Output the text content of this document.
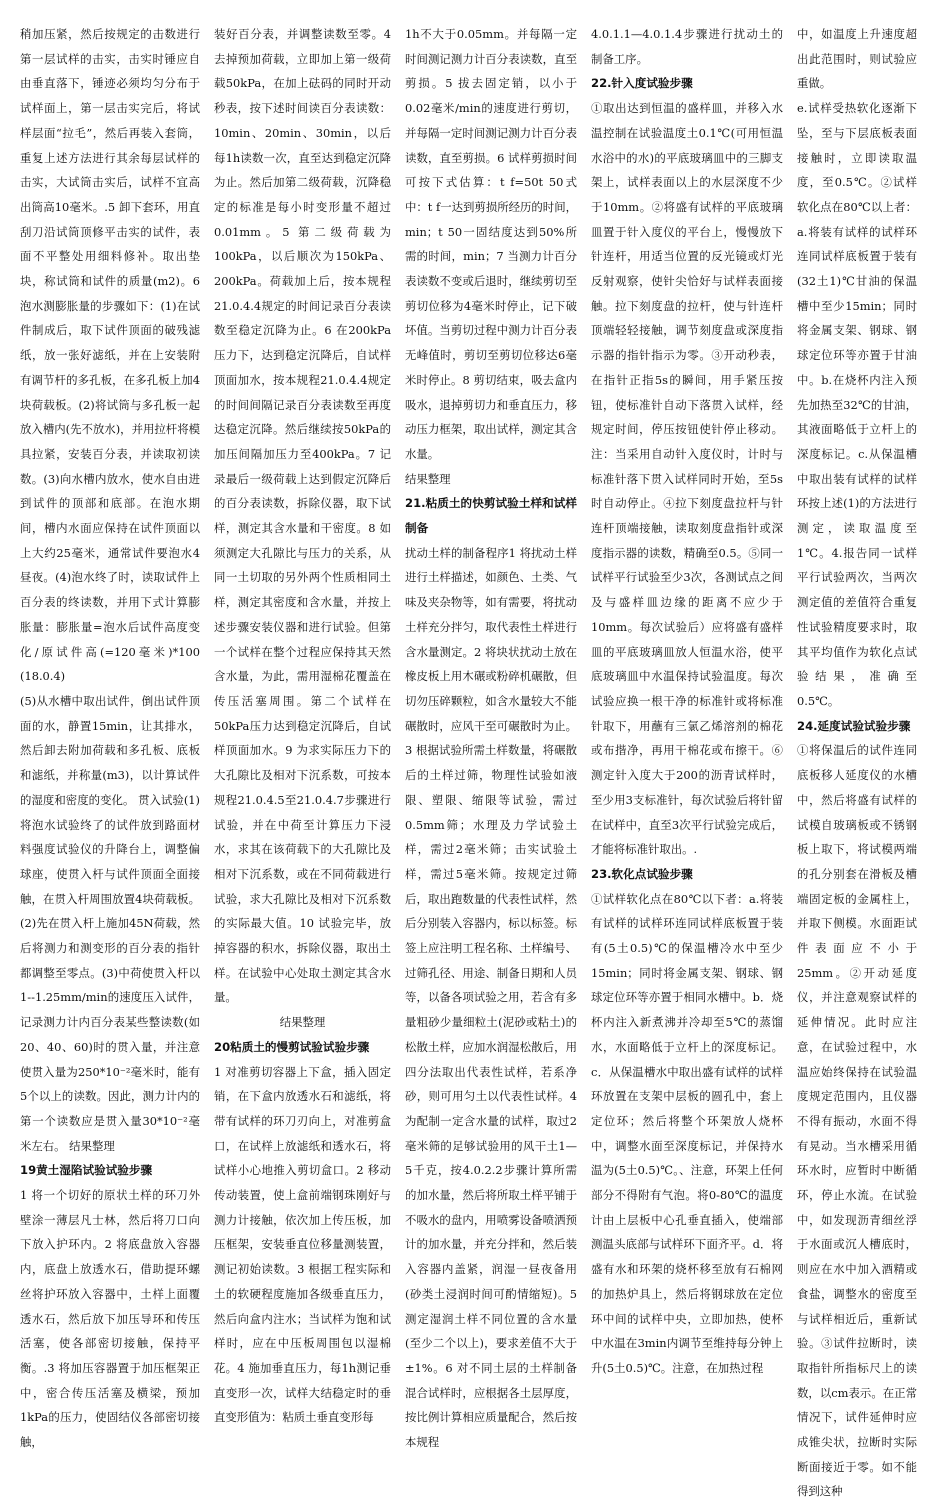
稍加压紧，然后按规定的击数进行第一层试样的击实，击实时锤应自由垂直落下，锤迹必须均匀分布于试样面上，第一层击实完后，将试样层面“拉毛”，然后再装入套筒，重复上述方法进行其余每层试样的击实，大试筒击实后，试样不宜高出筒高10毫米。.5 卸下套环，用直刮刀沿试筒顶修平击实的试件，表面不平整处用细料修补。取出垫块，称试筒和试件的质量(m2)。6 泡水测膨胀量的步骤如下：(1)在试件制成后，取下试件顶面的破残滤纸，放一张好滤纸，并在上安装附有调节杆的多孔板，在多孔板上加4块荷载板。(2)将试筒与多孔板一起放入槽内(先不放水)，并用拉杆将模具拉紧，安装百分表，并读取初读数。(3)向水槽内放水，使水自由进到试件的顶部和底部。在泡水期间，槽内水面应保持在试件顶面以上大约25毫米，通常试件要泡水4昼夜。(4)泡水终了时，读取试件上百分表的终读数，并用下式计算膨胀量：膨胀量=泡水后试件高度变化/原试件高(=120毫米)*100 (18.0.4)

(5)从水槽中取出试件，倒出试件顶面的水，静置15min，让其排水，然后卸去附加荷载和多孔板、底板和滤纸，并称量(m3)，以计算试件的湿度和密度的变化。 贯入试验(1)将泡水试验终了的试件放到路面材料强度试验仪的升降台上，调整偏球座，使贯入杆与试件顶面全面接触，在贯入杆周围放置4块荷载板。(2)先在贯入杆上施加45N荷载，然后将测力和测变形的百分表的指针都调整至零点。(3)中荷使贯入杆以1--1.25mm/min的速度压入试件，记录测力计内百分表某些整读数(如20、40、60)时的贯入量，并注意使贯入量为250*10⁻²毫米时，能有5个以上的读数。因此，测力计内的第一个读数应是贯入量30*10⁻²毫米左右。 结果整理

19黄土湿陷试验试验步骤

1 将一个切好的原状土样的环刀外壁涂一薄层凡士林，然后将刀口向下放入护环内。2 将底盘放入容器内，底盘上放透水石，借助提环螺丝将护环放入容器中，土样上面覆透水石，然后放下加压导环和传压活塞，使各部密切接触，保持平衡。.3 将加压容器置于加压框架正中，密合传压活塞及横梁，预加1kPa的压力，使固结仪各部密切接触，

装好百分表，并调整读数至零。4 去掉预加荷载，立即加上第一级荷载50kPa，在加上砝码的同时开动秒表，按下述时间读百分表读数：10min、20min、30min，以后每1h读数一次，直至达到稳定沉降为止。然后加第二级荷载，沉降稳定的标准是每小时变形量不超过0.01mm。5 第二级荷载为100kPa，以后顺次为150kPa、200kPa。荷载加上后，按本规程21.0.4.4规定的时间记录百分表读数至稳定沉降为止。6 在200kPa压力下，达到稳定沉降后，自试样顶面加水，按本规程21.0.4.4规定的时间间隔记录百分表读数至再度达稳定沉降。然后继续按50kPa的加压间隔加压力至400kPa。7 记录最后一级荷载上达到假定沉降后的百分表读数，拆除仪器，取下试样，测定其含水量和干密度。8 如须测定大孔隙比与压力的关系，从同一土切取的另外两个性质相同土样，测定其密度和含水量，并按上述步骤安装仪器和进行试验。但第一个试样在整个过程应保持其天然含水量，为此，需用湿棉花覆盖在传压活塞周围。第二个试样在50kPa压力达到稳定沉降后，自试样顶面加水。9 为求实际压力下的大孔隙比及相对下沉系数，可按本规程21.0.4.5至21.0.4.7步骤进行试验，并在中荷至计算压力下浸水，求其在该荷载下的大孔隙比及相对下沉系数，或在不同荷载进行试验，求大孔隙比及相对下沉系数的实际最大值。10 试验完毕，放掉容器的积水，拆除仪器，取出土样。在试验中心处取土测定其含水量。

结果整理

20粘质土的慢剪试验试验步骤

1 对准剪切容器上下盒，插入固定销，在下盒内放透水石和滤纸，将带有试样的环刀刃向上，对准剪盒口，在试样上放滤纸和透水石，将试样小心地推入剪切盒口。2 移动传动装置，使上盒前端钢珠刚好与测力计接触，依次加上传压板，加压框架，安装垂直位移量测装置，测记初始读数。3 根据工程实际和土的软硬程度施加各级垂直压力，然后向盒内注水；当试样为饱和试样时，应在中压板周围包以湿棉花。4 施加垂直压力，每1h测记垂直变形一次，试样大结稳定时的垂直变形值为：粘质土垂直变形每

1h不大于0.05mm。并每隔一定时间测记测力计百分表读数，直至剪损。5 拔去固定销，以小于0.02毫米/min的速度进行剪切，并每隔一定时间测记测力计百分表读数，直至剪损。6 试样剪损时间可按下式估算：t f=50t 50式中：t f一达到剪损所经历的时间，min；t 50一固结度达到50%所需的时间，min；7 当测力计百分表读数不变或后退时，继续剪切至剪切位移为4毫米时停止，记下破坏值。当剪切过程中测力计百分表无峰值时，剪切至剪切位移达6毫米时停止。8 剪切结束，吸去盒内吸水，退掉剪切力和垂直压力，移动压力框架，取出试样，测定其含水量。

结果整理

21.粘质土的快剪试验土样和试样制备

扰动土样的制备程序1 将扰动土样进行土样描述，如颜色、土类、气味及夹杂物等，如有需要，将扰动土样充分拌匀，取代表性土样进行含水量测定。2 将块状扰动土放在橡皮板上用木碾或粉碎机碾散，但切勿压碎颗粒，如含水量较大不能碾散时，应风干至可碾散时为止。3 根据试验所需土样数量，将碾散后的土样过筛，物理性试验如液限、塑限、缩限等试验，需过0.5mm筛；水理及力学试验土样，需过2毫米筛；击实试验土样，需过5毫米筛。按规定过筛后，取出跑数量的代表性试样，然后分别装入容器内，标以标签。标签上应注明工程名称、土样编号、过筛孔径、用途、制备日期和人员等，以备各项试验之用，若含有多量粗砂少量细粒土(泥砂或粘土)的松散土样，应加水润湿松散后，用四分法取出代表性试样，若系净砂，则可用匀土以代表性试样。4 为配制一定含水量的试样，取过2毫米筛的足够试验用的风干土1—5千克，按4.0.2.2步骤计算所需的加水量，然后将所取土样平铺于不吸水的盘内，用喷雾设备喷洒预计的加水量，并充分拌和，然后装入容器内盖紧，润湿一昼夜备用(砂类土浸润时间可酌情缩短)。5 测定湿润土样不同位置的含水量(至少二个以上)，要求差值不大于±1%。6 对不同土层的土样制备混合试样时，应根据各土层厚度，按比例计算相应质量配合，然后按本规程

4.0.1.1—4.0.1.4步骤进行扰动土的制备工序。

22.针入度试验步骤

①取出达到恒温的盛样皿，并移入水温控制在试验温度土0.1℃(可用恒温水浴中的水)的平底玻璃皿中的三脚支架上，试样表面以上的水层深度不少于10mm。②将盛有试样的平底玻璃皿置于针入度仪的平台上，慢慢放下针连杆，用适当位置的反光镜或灯光反射观察，使针尖恰好与试样表面接触。拉下刻度盘的拉杆，使与针连杆顶端轻轻接触，调节刻度盘或深度指示器的指针指示为零。③开动秒表，在指针正指5s的瞬间，用手紧压按钮，使标准针自动下落贯入试样，经规定时间，停压按钮使针停止移动。注：当采用自动针入度仪时，计时与标准针落下贯入试样同时开始，至5s时自动停止。④拉下刻度盘拉杆与针连杆顶端接触，读取刻度盘指针或深度指示器的读数，精确至0.5。⑤同一试样平行试验至少3次，各测试点之间及与盛样皿边缘的距离不应少于10mm。每次试验后）应将盛有盛样皿的平底玻璃皿放人恒温水浴，使平底玻璃皿中水温保持试验温度。每次试验应换一根干净的标准针或将标准针取下，用蘸有三氯乙烯溶剂的棉花或布揩净，再用干棉花或布擦干。⑥测定针入度大于200的沥青试样时，至少用3支标准针，每次试验后将针留在试样中，直至3次平行试验完成后，才能将标准针取出。.

23.软化点试验步骤

①试样软化点在80℃以下者：a.将装有试样的试样环连同试样底板置于装有(5土0.5)℃的保温槽冷水中至少15min；同时将金属支架、钢球、钢球定位环等亦置于相同水槽中。b．烧杯内注入新煮沸并冷却至5℃的蒸馏水，水面略低于立杆上的深度标记。c．从保温槽水中取出盛有试样的试样环放置在支架中层板的圆孔中，套上定位环；然后将整个环架放人烧杯中，调整水面至深度标记，并保持水温为(5土0.5)℃。、注意，环架上任何部分不得附有气泡。将0-80℃的温度计由上层板中心孔垂直插入，使端部测温头底部与试样环下面齐平。d．将盛有水和环架的烧杯移至放有石棉网的加热炉具上，然后将钢球放在定位环中间的试样中央，立即加热，使杯中水温在3min内调节至维持每分钟上升(5土0.5)℃。注意，在加热过程

中，如温度上升速度超出此范围时，则试验应重做。

e.试样受热软化逐渐下坠，至与下层底板表面接触时，立即读取温度，至0.5℃。②试样软化点在80℃以上者：a.将装有试样的试样环连同试样底板置于装有(32土1)℃甘油的保温槽中至少15min；同时将金属支架、钢球、钢球定位环等亦置于甘油中。b.在烧杯内注入预先加热至32℃的甘油，其液面略低于立杆上的深度标记。c.从保温槽中取出装有试样的试样环按上述(1)的方法进行测定，读取温度至1℃。4.报告同一试样平行试验两次，当两次测定值的差值符合重复性试验精度要求时，取其平均值作为软化点试验结果，准确至0.5℃。

24.延度试验试验步骤

①将保温后的试件连同底板移人延度仪的水槽中，然后将盛有试样的试模自玻璃板或不锈钢板上取下，将试模两端的孔分别套在滑板及槽端固定板的金属柱上，并取下侧模。水面距试件表面应不小于25mm。②开动延度仪，并注意观察试样的延伸情况。此时应注意，在试验过程中，水温应始终保持在试验温度规定范围内，且仪器不得有振动，水面不得有晃动。当水槽采用循环水时，应暂时中断循环，停止水流。在试验中，如发现沥青细丝浮于水面或沉人槽底时，则应在水中加入酒精或食盐，调整水的密度至与试样相近后，重新试验。③试件拉断时，读取指针所指标尺上的读数，以cm表示。在正常情况下，试件延伸时应成锥尖状，拉断时实际断面接近于零。如不能得到这种
